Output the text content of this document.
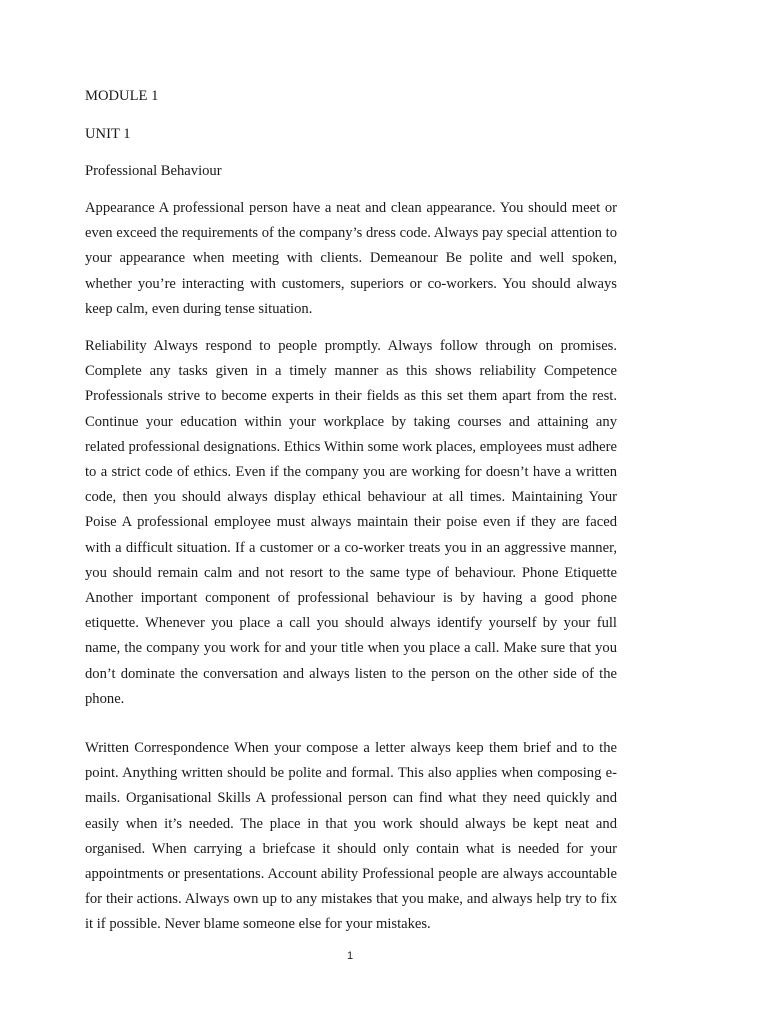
MODULE 1

UNIT 1

Professional Behaviour

Appearance A professional person have a neat and clean appearance. You should meet or even exceed the requirements of the company’s dress code. Always pay special attention to your appearance when meeting with clients. Demeanour Be polite and well spoken, whether you’re interacting with customers, superiors or co-workers. You should always keep calm, even during tense situation.

Reliability Always respond to people promptly. Always follow through on promises. Complete any tasks given in a timely manner as this shows reliability Competence Professionals strive to become experts in their fields as this set them apart from the rest. Continue your education within your workplace by taking courses and attaining any related professional designations. Ethics Within some work places, employees must adhere to a strict code of ethics. Even if the company you are working for doesn’t have a written code, then you should always display ethical behaviour at all times. Maintaining Your Poise A professional employee must always maintain their poise even if they are faced with a difficult situation. If a customer or a co-worker treats you in an aggressive manner, you should remain calm and not resort to the same type of behaviour. Phone Etiquette Another important component of professional behaviour is by having a good phone etiquette. Whenever you place a call you should always identify yourself by your full name, the company you work for and your title when you place a call. Make sure that you don’t dominate the conversation and always listen to the person on the other side of the phone.

Written Correspondence When your compose a letter always keep them brief and to the point. Anything written should be polite and formal. This also applies when composing e-mails. Organisational Skills A professional person can find what they need quickly and easily when it’s needed. The place in that you work should always be kept neat and organised. When carrying a briefcase it should only contain what is needed for your appointments or presentations. Account ability Professional people are always accountable for their actions. Always own up to any mistakes that you make, and always help try to fix it if possible. Never blame someone else for your mistakes.

1
